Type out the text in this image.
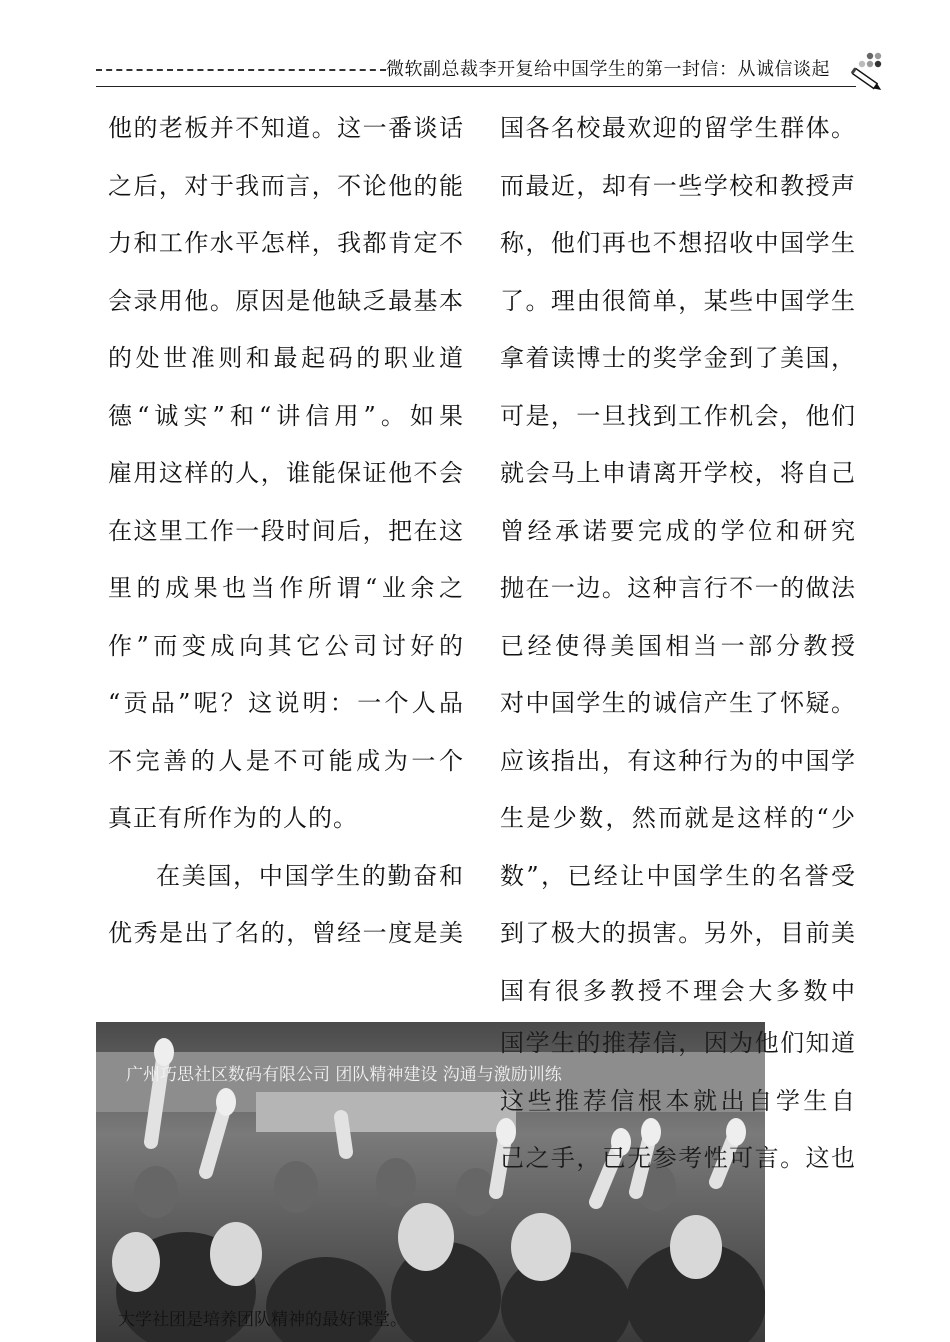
微软副总裁李开复给中国学生的第一封信：从诚信谈起
他的老板并不知道。这一番谈话
之后，对于我而言，不论他的能
力和工作水平怎样，我都肯定不
会录用他。原因是他缺乏最基本
的处世准则和最起码的职业道
德“诚实”和“讲信用”。如果
雇用这样的人，谁能保证他不会
在这里工作一段时间后，把在这
里的成果也当作所谓“业余之
作”而变成向其它公司讨好的
“贡品”呢？这说明：一个人品
不完善的人是不可能成为一个
真正有所作为的人的。
在美国，中国学生的勤奋和
优秀是出了名的，曾经一度是美
国各名校最欢迎的留学生群体。
而最近，却有一些学校和教授声
称，他们再也不想招收中国学生
了。理由很简单，某些中国学生
拿着读博士的奖学金到了美国，
可是，一旦找到工作机会，他们
就会马上申请离开学校，将自己
曾经承诺要完成的学位和研究
抛在一边。这种言行不一的做法
已经使得美国相当一部分教授
对中国学生的诚信产生了怀疑。
应该指出，有这种行为的中国学
生是少数，然而就是这样的“少
数”，已经让中国学生的名誉受
到了极大的损害。另外，目前美
国有很多教授不理会大多数中
广州巧思社区数码有限公司 团队精神建设 沟通与激励训练
国学生的推荐信，因为他们知道
这些推荐信根本就出自学生自
己之手，已无参考性可言。这也
大学社团是培养团队精神的最好课堂。
